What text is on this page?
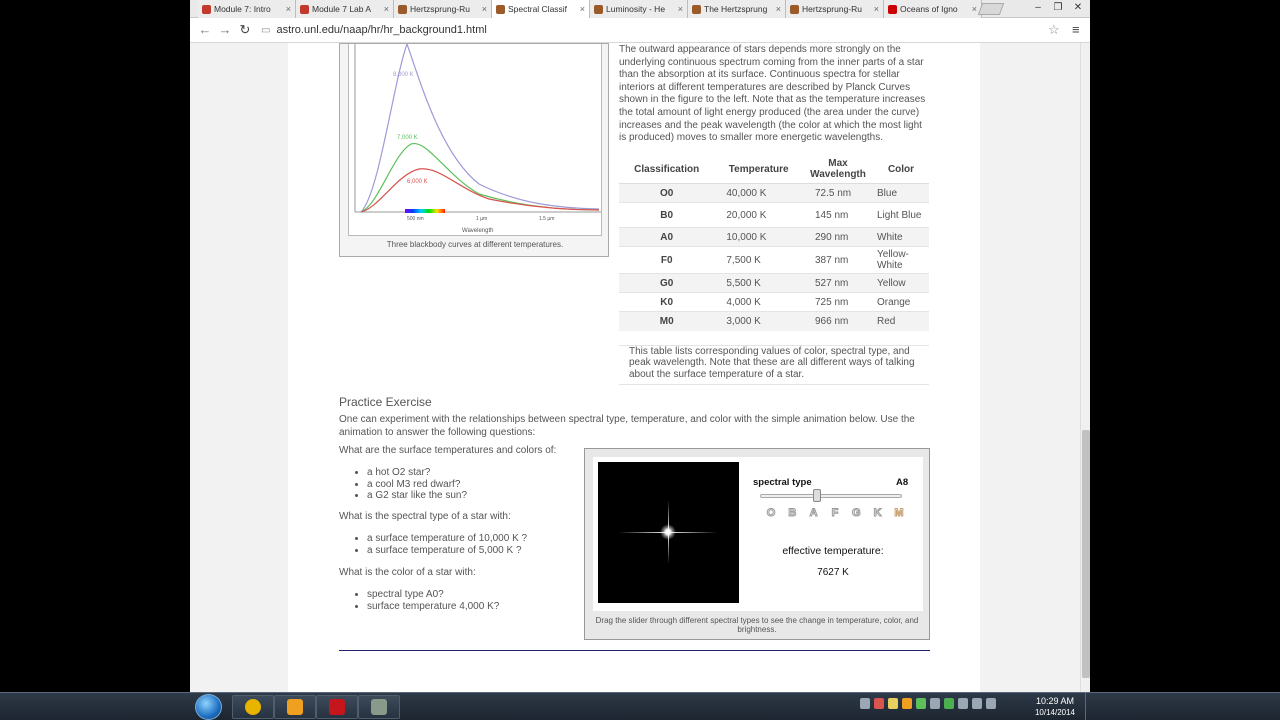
Module 7: Intro	× Module 7 Lab A	× Hertzsprung-Ru	× Spectral Classif	× Luminosity - He	× The Hertzsprung × Hertzsprung-Ru	× Oceans of Igno	×	–	❐	✕
← → ↻	▭ astro.unl.edu/naap/hr/hr_background1.html	☆ ≡
8,000 K
7,000 K
6,000 K
500 nm	1 µm	1.5 µm
Wavelength
Three blackbody curves at different temperatures.
The outward appearance of stars depends more strongly on the underlying continuous spectrum coming from the inner parts of a star than the absorption at its surface. Continuous spectra for stellar interiors at different temperatures are described by Planck Curves shown in the figure to the left. Note that as the temperature increases the total amount of light energy produced (the area under the curve) increases and the peak wavelength (the color at which the most light is produced) moves to smaller more energetic wavelengths.
Classification	Temperature	Max Wavelength	Color
O0	40,000 K	72.5 nm	Blue
B0	20,000 K	145 nm	Light Blue
A0	10,000 K	290 nm	White
F0	7,500 K	387 nm	Yellow-White
G0	5,500 K	527 nm	Yellow
K0	4,000 K	725 nm	Orange
M0	3,000 K	966 nm	Red
This table lists corresponding values of color, spectral type, and peak wavelength. Note that these are all different ways of talking about the surface temperature of a star.
Practice Exercise
One can experiment with the relationships between spectral type, temperature, and color with the simple animation below. Use the animation to answer the following questions:
What are the surface temperatures and colors of:
• a hot O2 star?
• a cool M3 red dwarf?
• a G2 star like the sun?
What is the spectral type of a star with:
• a surface temperature of 10,000 K ?
• a surface temperature of 5,000 K ?
What is the color of a star with:
• spectral type A0?
• surface temperature 4,000 K?
spectral type	A8
O B A F G K M
effective temperature:
7627 K
Drag the slider through different spectral types to see the change in temperature, color, and brightness.
10:29 AM
10/14/2014
